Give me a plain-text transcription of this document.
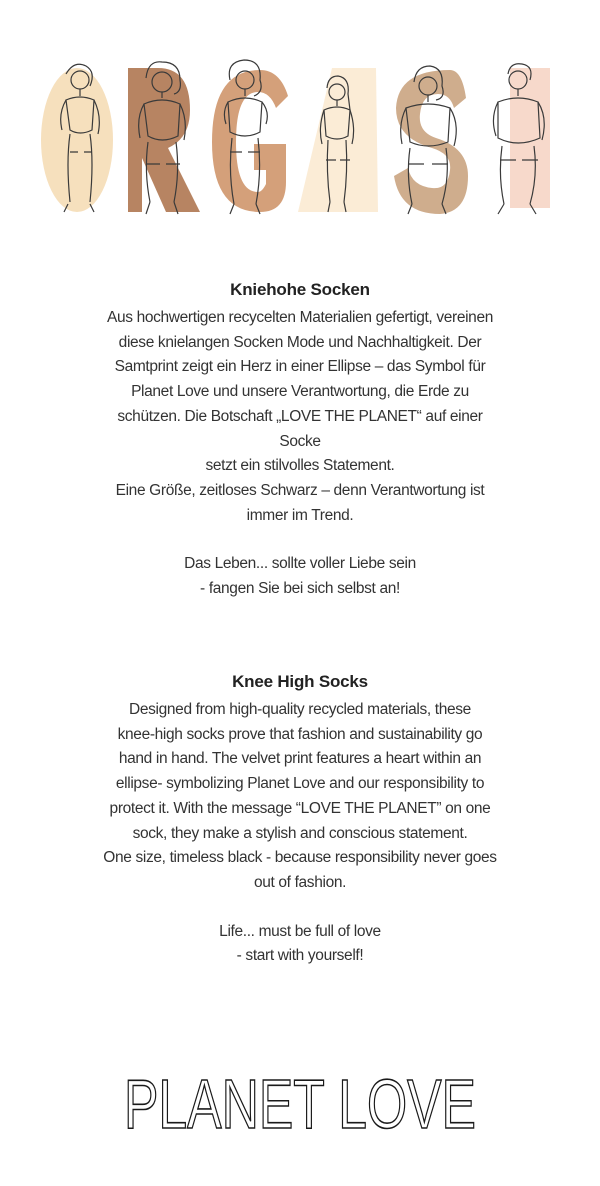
Kniehohe Socken
Aus hochwertigen recycelten Materialien gefertigt, vereinen
diese knielangen Socken Mode und Nachhaltigkeit. Der
Samtprint zeigt ein Herz in einer Ellipse – das Symbol für
Planet Love und unsere Verantwortung, die Erde zu
schützen. Die Botschaft „LOVE THE PLANET“ auf einer Socke
setzt ein stilvolles Statement.
Eine Größe, zeitloses Schwarz – denn Verantwortung ist
immer im Trend.
Das Leben... sollte voller Liebe sein
- fangen Sie bei sich selbst an!
Knee High Socks
Designed from high-quality recycled materials, these
knee-high socks prove that fashion and sustainability go
hand in hand. The velvet print features a heart within an
ellipse- symbolizing Planet Love and our responsibility to
protect it. With the message “LOVE THE PLANET” on one
sock, they make a stylish and conscious statement.
One size, timeless black - because responsibility never goes
out of fashion.
Life... must be full of love
- start with yourself!
PLANET LOVE
